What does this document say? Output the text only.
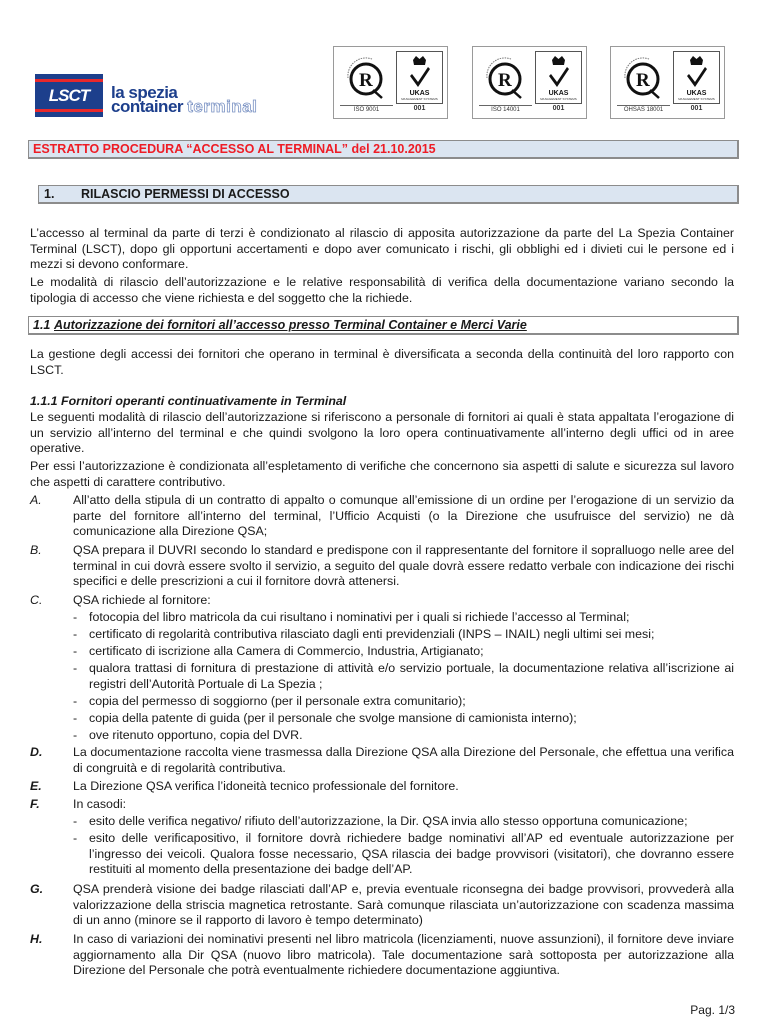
LSCT	la spezia
container terminal
R
UKAS
MANAGEMENT SYSTEMS
ISO 9001	001
R
UKAS
MANAGEMENT SYSTEMS
ISO 14001	001
R
UKAS
MANAGEMENT SYSTEMS
OHSAS 18001	001
ESTRATTO PROCEDURA “ACCESSO AL TERMINAL” del 21.10.2015
1. RILASCIO PERMESSI DI ACCESSO
L’accesso al terminal da parte di terzi è condizionato al rilascio di apposita autorizzazione da parte del La Spezia Container Terminal (LSCT), dopo gli opportuni accertamenti e dopo aver comunicato i rischi, gli obblighi ed i divieti cui le persone ed i mezzi si devono conformare.
Le modalità di rilascio dell’autorizzazione e le relative responsabilità di verifica della documentazione variano secondo la tipologia di accesso che viene richiesta e del soggetto che la richiede.
1.1 Autorizzazione dei fornitori all’accesso presso Terminal Container e Merci Varie
La gestione degli accessi dei fornitori che operano in terminal è diversificata a seconda della continuità del loro rapporto con LSCT.
1.1.1 Fornitori operanti continuativamente in Terminal
Le seguenti modalità di rilascio dell’autorizzazione si riferiscono a personale di fornitori ai quali è stata appaltata l’erogazione di un servizio all’interno del terminal e che quindi svolgono la loro opera continuativamente all’interno degli uffici od in aree operative.
Per essi l’autorizzazione è condizionata all’espletamento di verifiche che concernono sia aspetti di salute e sicurezza sul lavoro che aspetti di carattere contributivo.
A.	All’atto della stipula di un contratto di appalto o comunque all’emissione di un ordine per l’erogazione di un servizio da parte del fornitore all’interno del terminal, l’Ufficio Acquisti (o la Direzione che usufruisce del servizio) ne dà comunicazione alla Direzione QSA;
B.	QSA prepara il DUVRI secondo lo standard e predispone con il rappresentante del fornitore il sopralluogo nelle aree del terminal in cui dovrà essere svolto il servizio, a seguito del quale dovrà essere redatto verbale con indicazione dei rischi specifici e delle prescrizioni a cui il fornitore dovrà attenersi.
C. QSA richiede al fornitore:
- fotocopia del libro matricola da cui risultano i nominativi per i quali si richiede l’accesso al Terminal;
- certificato di regolarità contributiva rilasciato dagli enti previdenziali (INPS – INAIL) negli ultimi sei mesi;
- certificato di iscrizione alla Camera di Commercio, Industria, Artigianato;
- qualora trattasi di fornitura di prestazione di attività e/o servizio portuale, la documentazione relativa all’iscrizione ai registri dell’Autorità Portuale di La Spezia ;
- copia del permesso di soggiorno (per il personale extra comunitario);
- copia della patente di guida (per il personale che svolge mansione di camionista interno);
- ove ritenuto opportuno, copia del DVR.
D. La documentazione raccolta viene trasmessa dalla Direzione QSA alla Direzione del Personale, che effettua una verifica di congruità e di regolarità contributiva.
E.	La Direzione QSA verifica l’idoneità tecnico professionale del fornitore.
F.	In casodi:
- esito delle verifica negativo/ rifiuto dell’autorizzazione, la Dir. QSA invia allo stesso opportuna comunicazione;
- esito delle verificapositivo, il fornitore dovrà richiedere badge nominativi all’AP ed eventuale autorizzazione per l’ingresso dei veicoli. Qualora fosse necessario, QSA rilascia dei badge provvisori (visitatori), che dovranno essere restituiti al momento della presentazione dei badge dell’AP.
G. QSA prenderà visione dei badge rilasciati dall’AP e, previa eventuale riconsegna dei badge provvisori, provvederà alla valorizzazione della striscia magnetica retrostante. Sarà comunque rilasciata un’autorizzazione con scadenza massima di un anno (minore se il rapporto di lavoro è tempo determinato)
H. In caso di variazioni dei nominativi presenti nel libro matricola (licenziamenti, nuove assunzioni), il fornitore deve inviare aggiornamento alla Dir QSA (nuovo libro matricola). Tale documentazione sarà sottoposta per autorizzazione alla Direzione del Personale che potrà eventualmente richiedere documentazione aggiuntiva.
Pag. 1/3
